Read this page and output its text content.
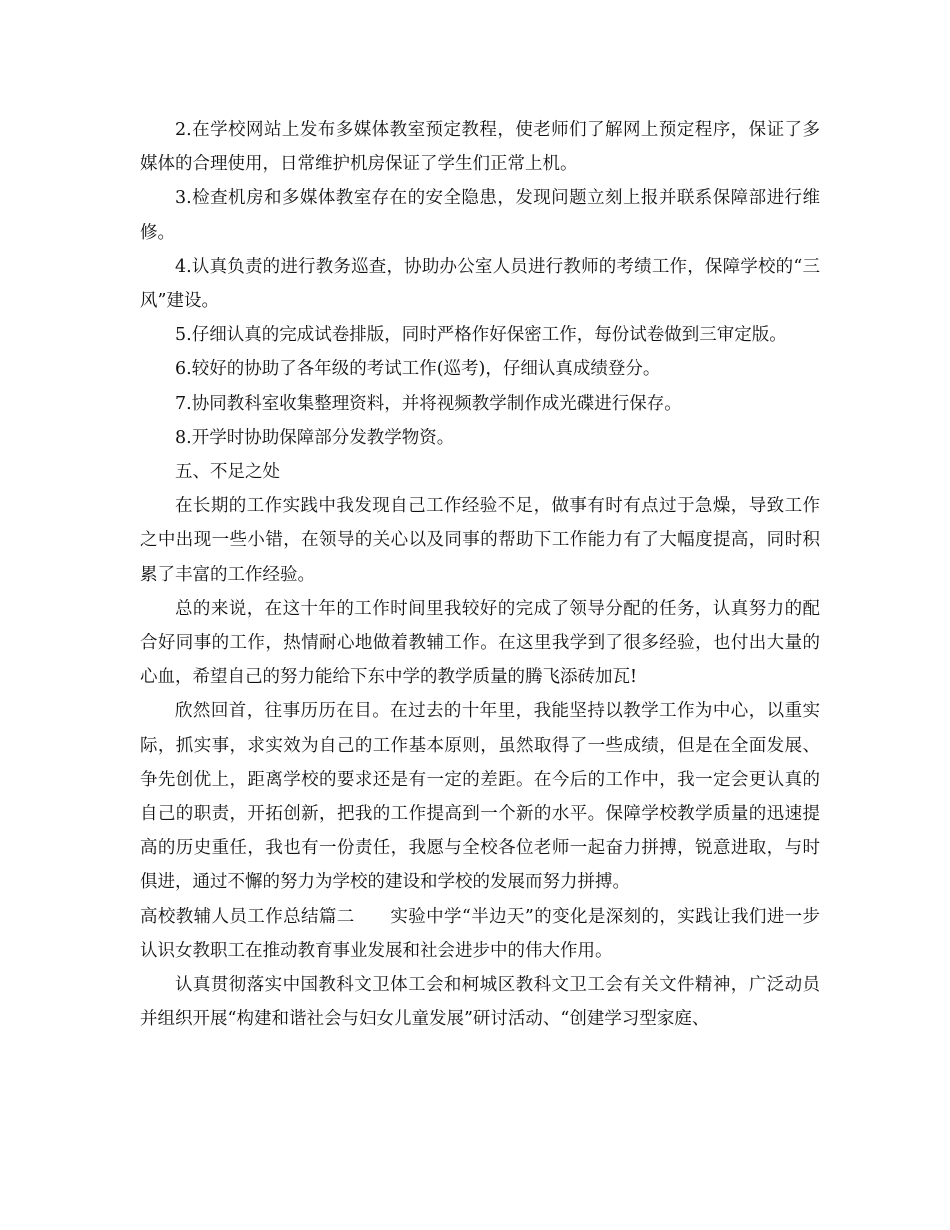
2.在学校网站上发布多媒体教室预定教程，使老师们了解网上预定程序，保证了多媒体的合理使用，日常维护机房保证了学生们正常上机。

3.检查机房和多媒体教室存在的安全隐患，发现问题立刻上报并联系保障部进行维修。

4.认真负责的进行教务巡查，协助办公室人员进行教师的考绩工作，保障学校的“三风”建设。

5.仔细认真的完成试卷排版，同时严格作好保密工作，每份试卷做到三审定版。

6.较好的协助了各年级的考试工作(巡考)，仔细认真成绩登分。

7.协同教科室收集整理资料，并将视频教学制作成光碟进行保存。

8.开学时协助保障部分发教学物资。

五、不足之处

在长期的工作实践中我发现自己工作经验不足，做事有时有点过于急燥，导致工作之中出现一些小错，在领导的关心以及同事的帮助下工作能力有了大幅度提高，同时积累了丰富的工作经验。

总的来说，在这十年的工作时间里我较好的完成了领导分配的任务，认真努力的配合好同事的工作，热情耐心地做着教辅工作。在这里我学到了很多经验，也付出大量的心血，希望自己的努力能给下东中学的教学质量的腾飞添砖加瓦!

欣然回首，往事历历在目。在过去的十年里，我能坚持以教学工作为中心，以重实际，抓实事，求实效为自己的工作基本原则，虽然取得了一些成绩，但是在全面发展、争先创优上，距离学校的要求还是有一定的差距。在今后的工作中，我一定会更认真的自己的职责，开拓创新，把我的工作提高到一个新的水平。保障学校教学质量的迅速提高的历史重任，我也有一份责任，我愿与全校各位老师一起奋力拼搏，锐意进取，与时俱进，通过不懈的努力为学校的建设和学校的发展而努力拼搏。

高校教辅人员工作总结篇二　　实验中学“半边天”的变化是深刻的，实践让我们进一步认识女教职工在推动教育事业发展和社会进步中的伟大作用。

认真贯彻落实中国教科文卫体工会和柯城区教科文卫工会有关文件精神，广泛动员并组织开展“构建和谐社会与妇女儿童发展”研讨活动、“创建学习型家庭、
